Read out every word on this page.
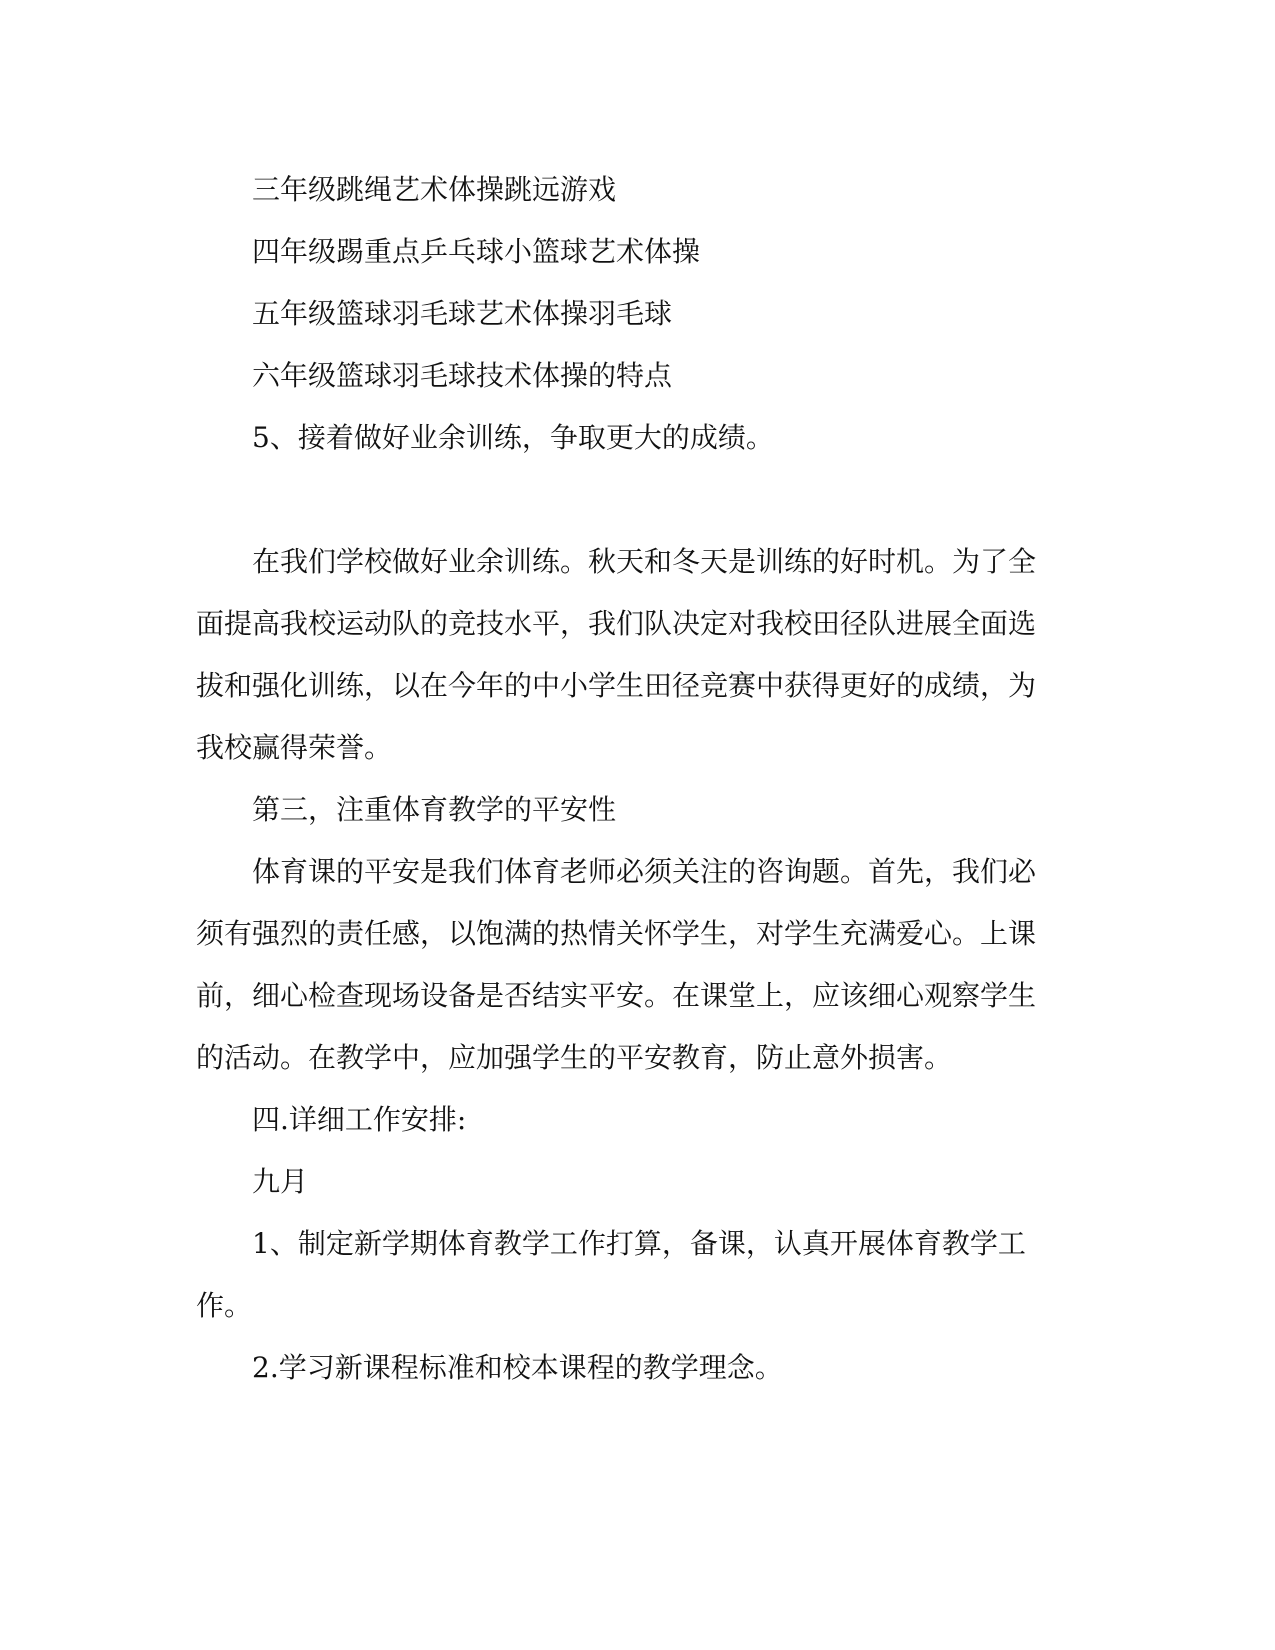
三年级跳绳艺术体操跳远游戏
四年级踢重点乒乓球小篮球艺术体操
五年级篮球羽毛球艺术体操羽毛球
六年级篮球羽毛球技术体操的特点
5、接着做好业余训练，争取更大的成绩。
在我们学校做好业余训练。秋天和冬天是训练的好时机。为了全
面提高我校运动队的竞技水平，我们队决定对我校田径队进展全面选
拔和强化训练，以在今年的中小学生田径竞赛中获得更好的成绩，为
我校赢得荣誉。
第三，注重体育教学的平安性
体育课的平安是我们体育老师必须关注的咨询题。首先，我们必
须有强烈的责任感，以饱满的热情关怀学生，对学生充满爱心。上课
前，细心检查现场设备是否结实平安。在课堂上，应该细心观察学生
的活动。在教学中，应加强学生的平安教育，防止意外损害。
四.详细工作安排:
九月
1、制定新学期体育教学工作打算，备课，认真开展体育教学工
作。
2.学习新课程标准和校本课程的教学理念。
